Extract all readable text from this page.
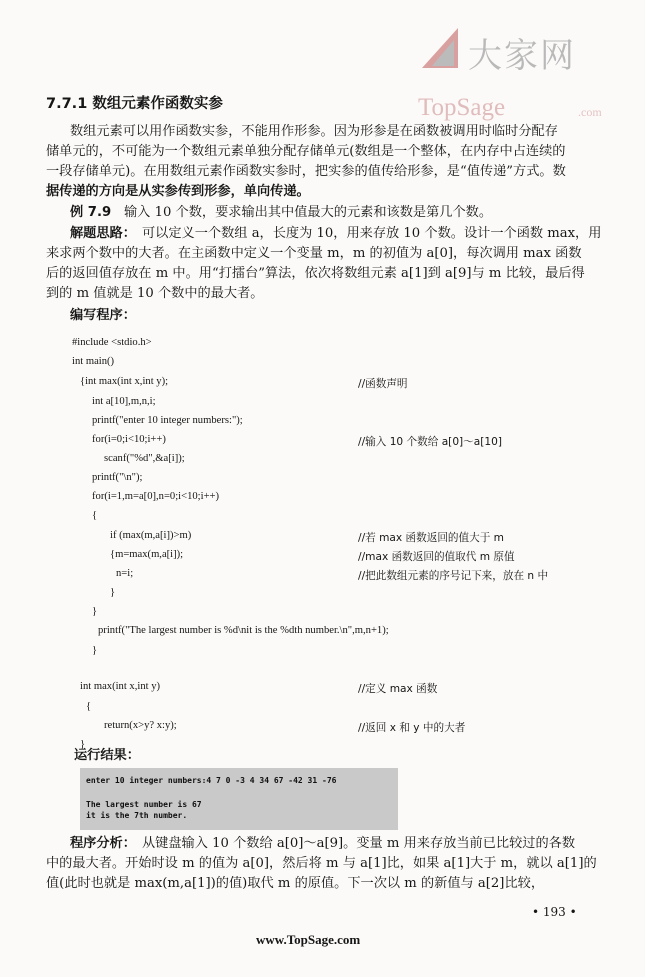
大家网
TopSage	.com
7.7.1 数组元素作函数实参
数组元素可以用作函数实参，不能用作形参。因为形参是在函数被调用时临时分配存
储单元的，不可能为一个数组元素单独分配存储单元(数组是一个整体，在内存中占连续的
一段存储单元)。在用数组元素作函数实参时，把实参的值传给形参，是“值传递”方式。数
据传递的方向是从实参传到形参，单向传递。
例 7.9 输入 10 个数，要求输出其中值最大的元素和该数是第几个数。
解题思路： 可以定义一个数组 a，长度为 10，用来存放 10 个数。设计一个函数 max，用
来求两个数中的大者。在主函数中定义一个变量 m，m 的初值为 a[0]，每次调用 max 函数
后的返回值存放在 m 中。用“打擂台”算法，依次将数组元素 a[1]到 a[9]与 m 比较，最后得
到的 m 值就是 10 个数中的最大者。
编写程序：
#include <stdio.h>
int main()
{int max(int x,int y);
int a[10],m,n,i;
printf("enter 10 integer numbers:");
for(i=0;i<10;i++)
scanf("%d",&a[i]);
printf("\n");
for(i=1,m=a[0],n=0;i<10;i++)
{
if (max(m,a[i])>m)
{m=max(m,a[i]);
n=i;
}
}
printf("The largest number is %d\nit is the %dth number.\n",m,n+1);
}
int max(int x,int y)
{
return(x>y? x:y);
}
//函数声明
//输入 10 个数给 a[0]～a[10]
//若 max 函数返回的值大于 m
//max 函数返回的值取代 m 原值
//把此数组元素的序号记下来，放在 n 中
//定义 max 函数
//返回 x 和 y 中的大者
运行结果：
enter 10 integer numbers:4 7 0 -3 4 34 67 -42 31 -76
The largest number is 67
it is the 7th number.
程序分析： 从键盘输入 10 个数给 a[0]～a[9]。变量 m 用来存放当前已比较过的各数
中的最大者。开始时设 m 的值为 a[0]，然后将 m 与 a[1]比，如果 a[1]大于 m，就以 a[1]的
值(此时也就是 max(m,a[1])的值)取代 m 的原值。下一次以 m 的新值与 a[2]比较，
• 193 •
www.TopSage.com
